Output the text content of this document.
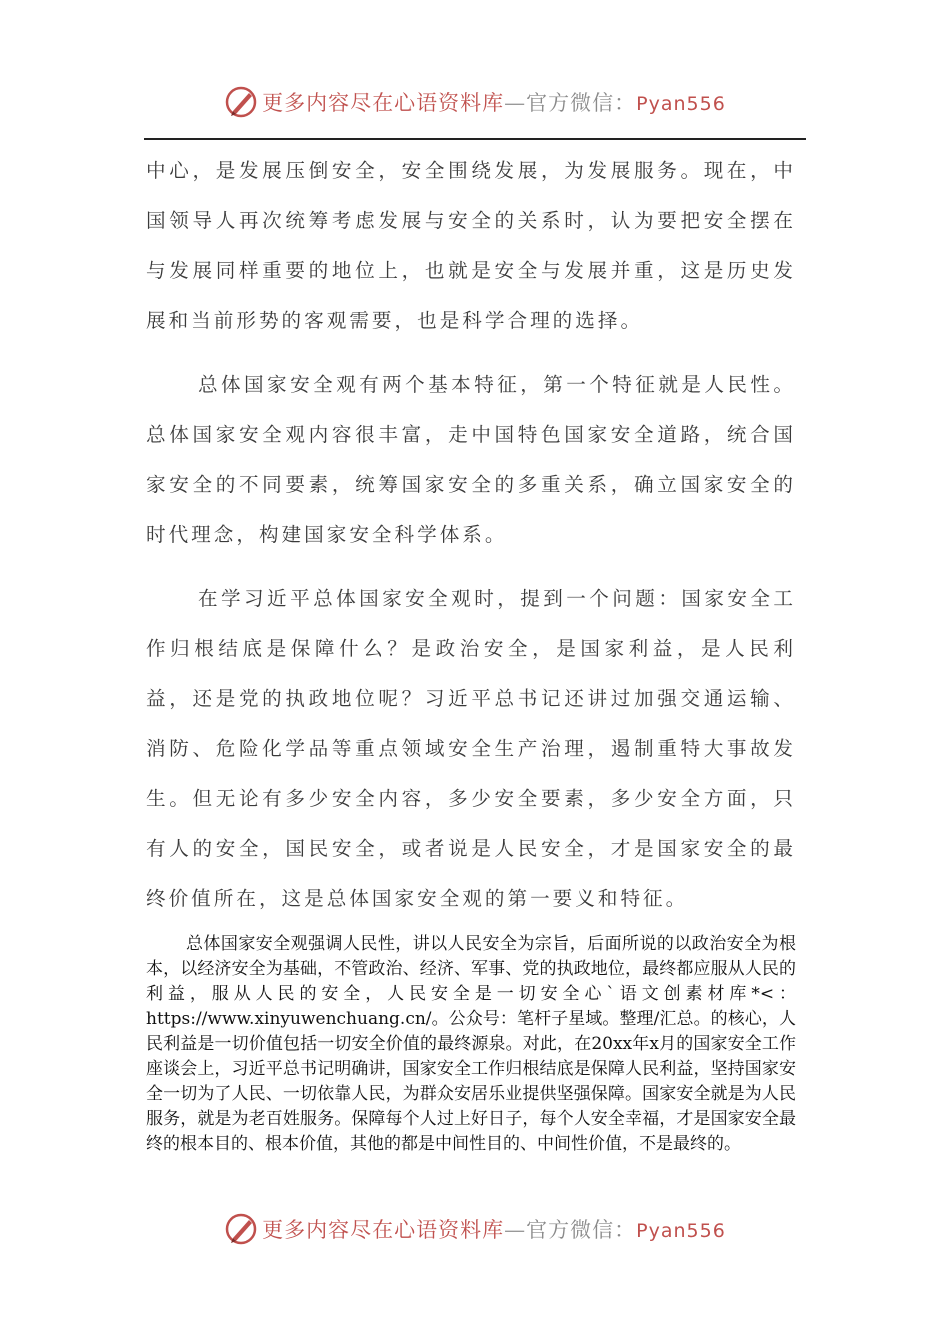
更多内容尽在心语资料库—官方微信：Pyan556

中心，是发展压倒安全，安全围绕发展，为发展服务。现在，中国领导人再次统筹考虑发展与安全的关系时，认为要把安全摆在与发展同样重要的地位上，也就是安全与发展并重，这是历史发展和当前形势的客观需要，也是科学合理的选择。

总体国家安全观有两个基本特征，第一个特征就是人民性。总体国家安全观内容很丰富，走中国特色国家安全道路，统合国家安全的不同要素，统筹国家安全的多重关系，确立国家安全的时代理念，构建国家安全科学体系。

在学习近平总体国家安全观时，提到一个问题：国家安全工作归根结底是保障什么？是政治安全，是国家利益，是人民利益，还是党的执政地位呢？习近平总书记还讲过加强交通运输、消防、危险化学品等重点领域安全生产治理，遏制重特大事故发生。但无论有多少安全内容，多少安全要素，多少安全方面，只有人的安全，国民安全，或者说是人民安全，才是国家安全的最终价值所在，这是总体国家安全观的第一要义和特征。

总体国家安全观强调人民性，讲以人民安全为宗旨，后面所说的以政治安全为根本，以经济安全为基础，不管政治、经济、军事、党的执政地位，最终都应服从人民的利益，服从人民的安全，人民安全是一切安全心`语文创素材库*<：https://www.xinyuwenchuang.cn/。公众号：笔杆子星域。整理/汇总。的核心，人民利益是一切价值包括一切安全价值的最终源泉。对此，在20xx年x月的国家安全工作座谈会上，习近平总书记明确讲，国家安全工作归根结底是保障人民利益，坚持国家安全一切为了人民、一切依靠人民，为群众安居乐业提供坚强保障。国家安全就是为人民服务，就是为老百姓服务。保障每个人过上好日子，每个人安全幸福，才是国家安全最终的根本目的、根本价值，其他的都是中间性目的、中间性价值，不是最终的。

更多内容尽在心语资料库—官方微信：Pyan556
